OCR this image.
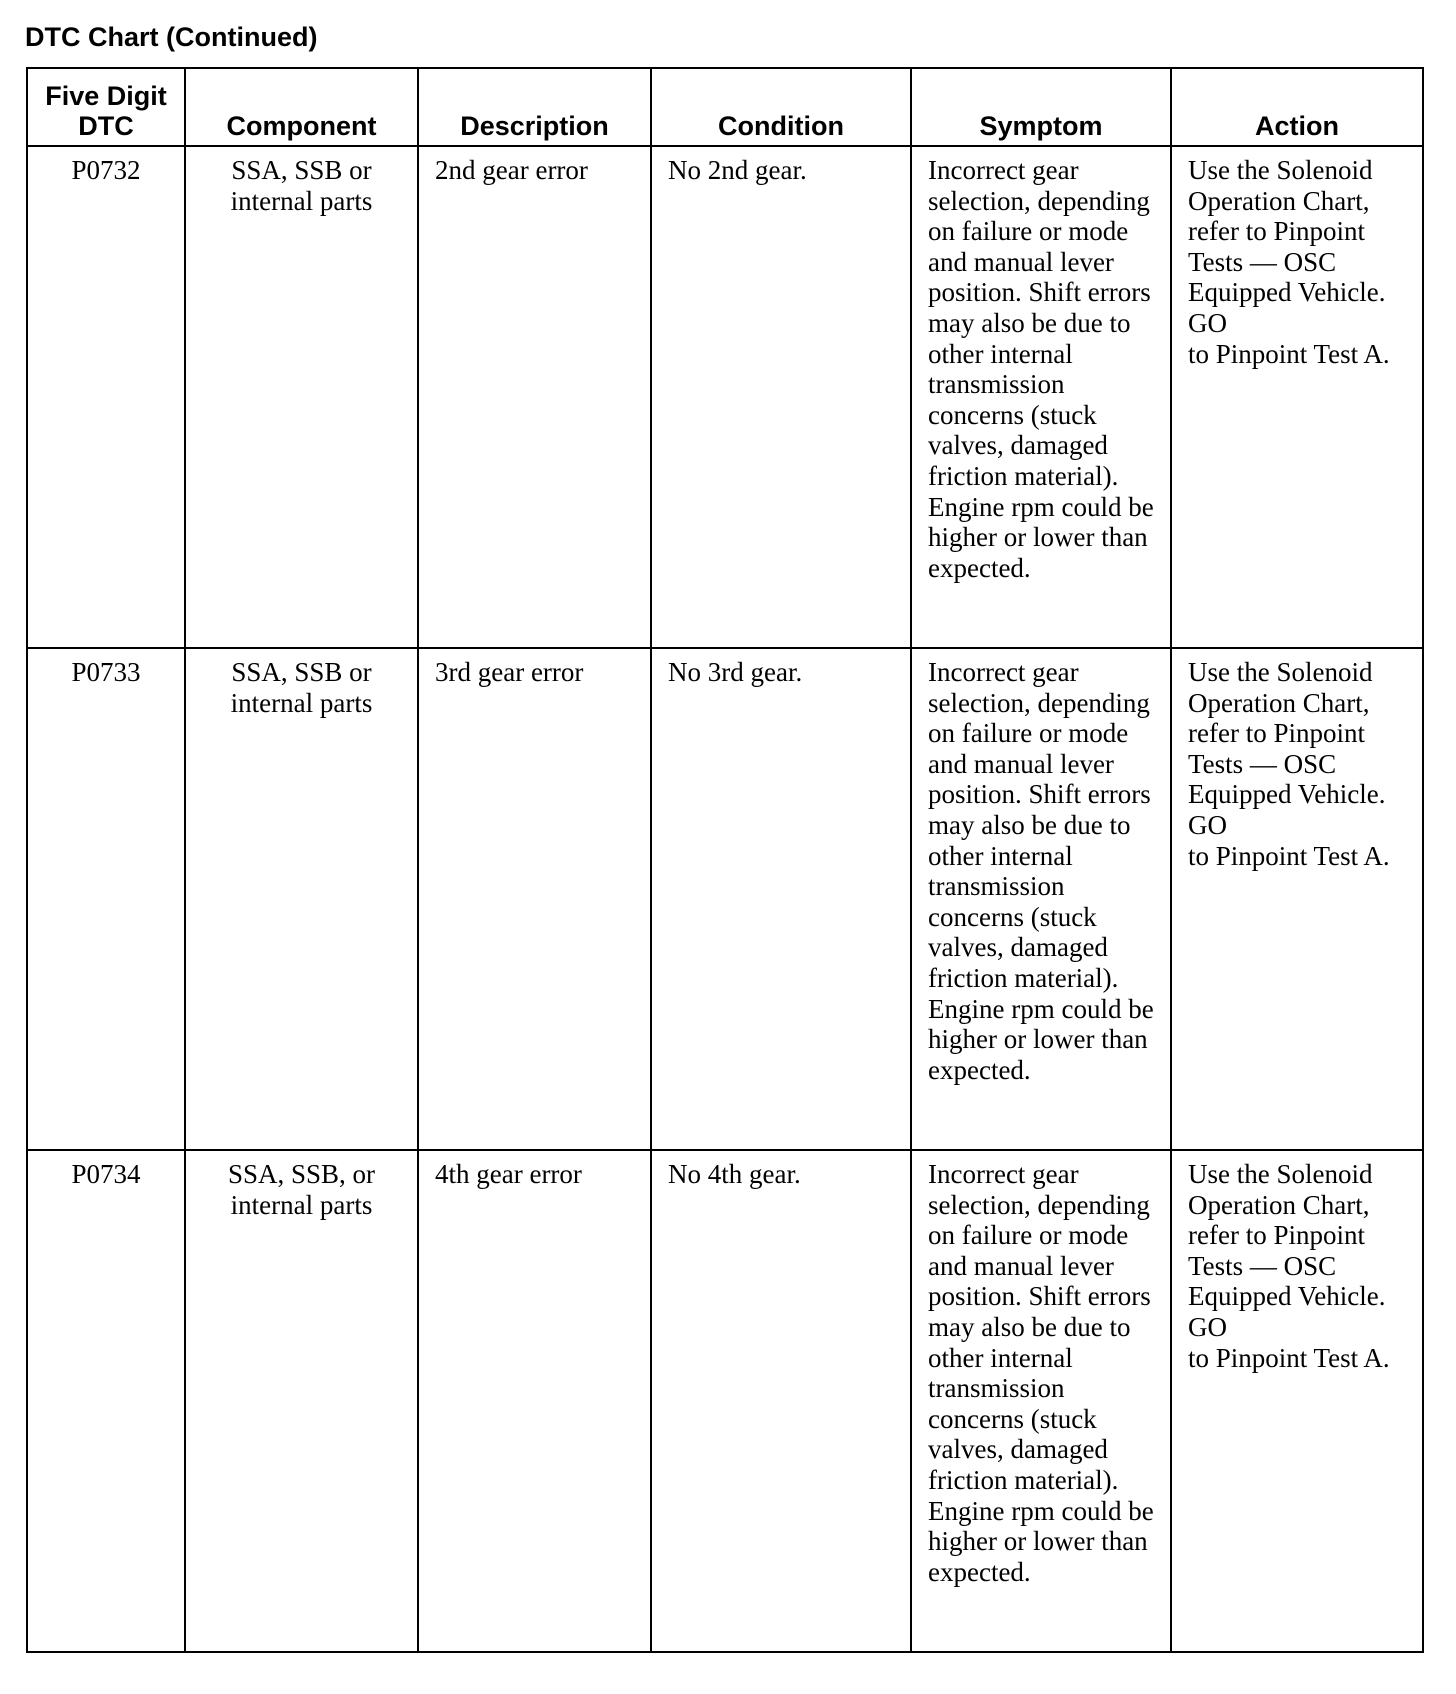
DTC Chart (Continued)
Five Digit
DTC	Component	Description	Condition	Symptom	Action
P0732	SSA, SSB or internal parts	2nd gear error	No 2nd gear.	Incorrect gear selection, depending on failure or mode and manual lever position. Shift errors may also be due to other internal transmission concerns (stuck valves, damaged friction material). Engine rpm could be higher or lower than expected.	Use the Solenoid Operation Chart, refer to Pinpoint Tests — OSC Equipped Vehicle. GO
to Pinpoint Test A.

P0733	SSA, SSB or internal parts	3rd gear error	No 3rd gear.	Incorrect gear selection, depending on failure or mode and manual lever position. Shift errors may also be due to other internal transmission concerns (stuck valves, damaged friction material). Engine rpm could be higher or lower than expected.	Use the Solenoid Operation Chart, refer to Pinpoint Tests — OSC Equipped Vehicle. GO
to Pinpoint Test A.

P0734	SSA, SSB, or internal parts	4th gear error	No 4th gear.	Incorrect gear selection, depending on failure or mode and manual lever position. Shift errors may also be due to other internal transmission concerns (stuck valves, damaged friction material). Engine rpm could be higher or lower than expected.	Use the Solenoid Operation Chart, refer to Pinpoint Tests — OSC Equipped Vehicle. GO
to Pinpoint Test A.
